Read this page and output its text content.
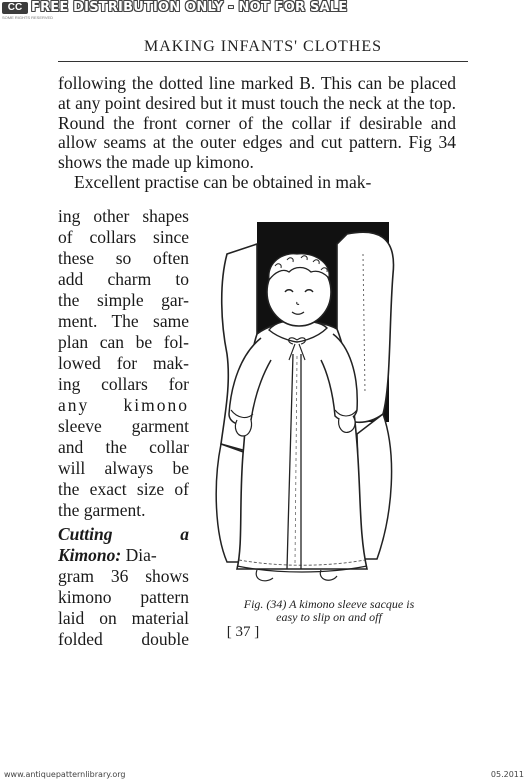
CC
SOME RIGHTS RESERVED
FREE DISTRIBUTION ONLY - NOT FOR SALE
MAKING INFANTS' CLOTHES
following the dotted line marked B. This can be placed at any point desired but it must touch the neck at the top. Round the front corner of the collar if desirable and allow seams at the outer edges and cut pattern. Fig 34 shows the made up kimono.
Excellent practise can be obtained in mak-
ing other shapes
of collars since
these so often
add charm to
the simple gar-
ment. The same
plan can be fol-
lowed for mak-
ing collars for
any kimono
sleeve garment
and the collar
will always be
the exact size of
the garment.
Cutting a
Kimono: Dia-
gram 36 shows
kimono pattern
laid on material
folded double
Fig. (34) A kimono sleeve sacque is
easy to slip on and off
[ 37 ]
www.antiquepatternlibrary.org	05.2011
